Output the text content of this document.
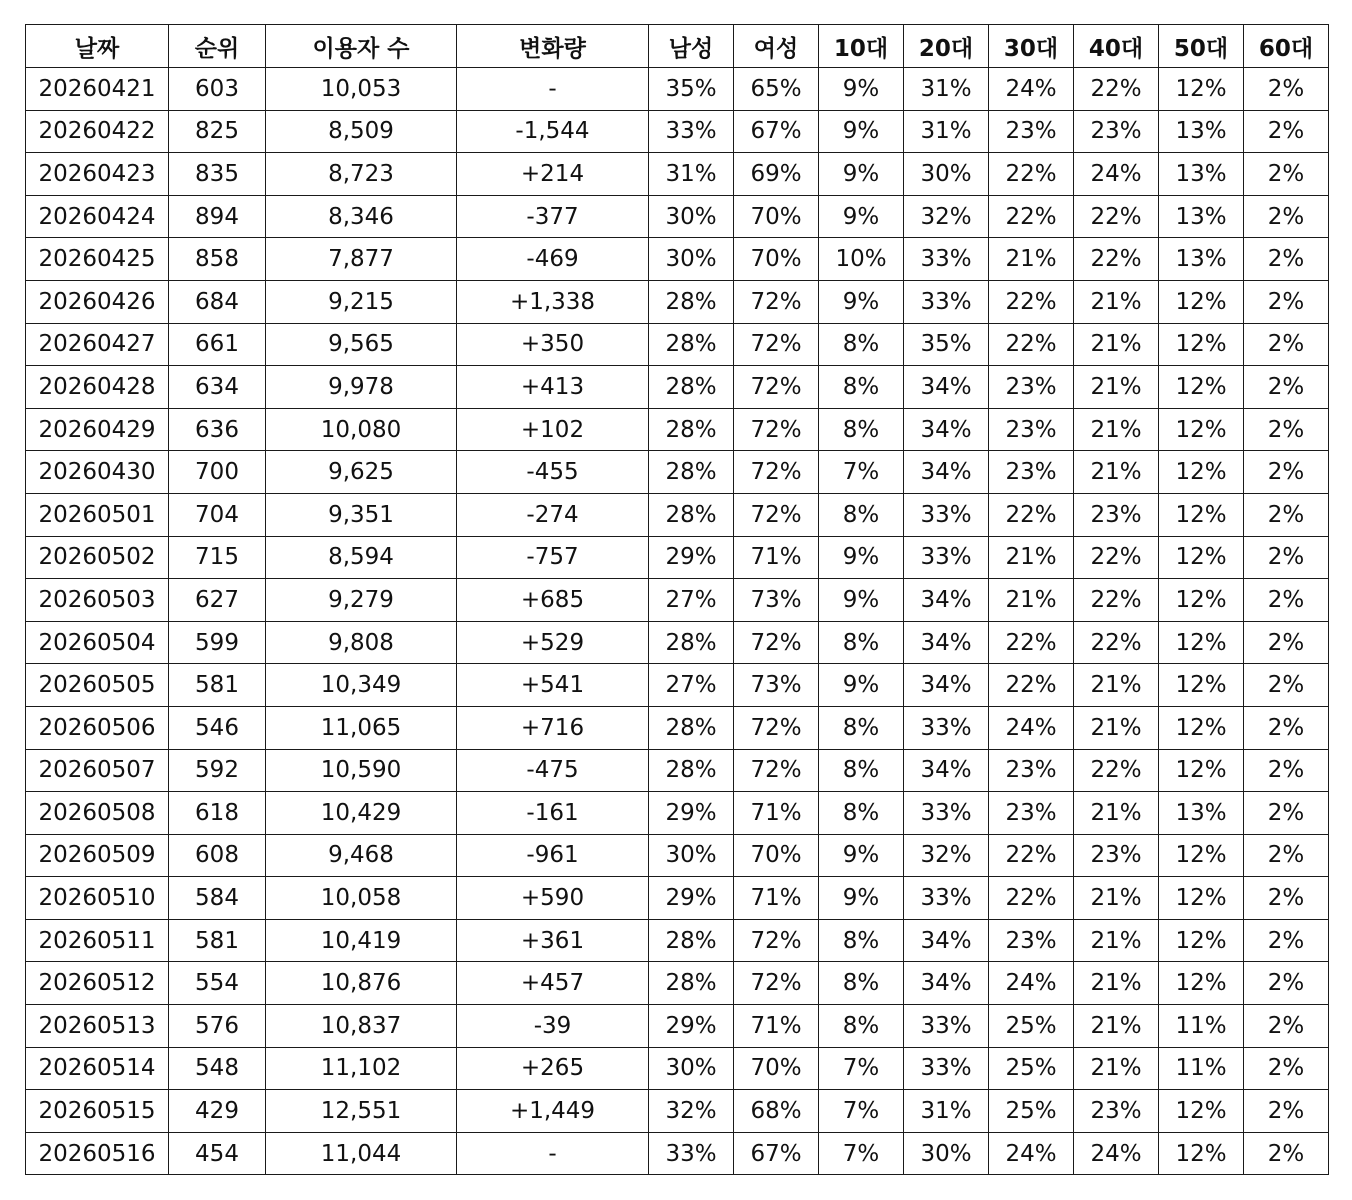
날짜	순위	이용자 수	변화량	남성	여성	10대	20대	30대	40대	50대	60대
20260421	603	10,053	-	35%	65%	9%	31%	24%	22%	12%	2%
20260422	825	8,509	-1,544	33%	67%	9%	31%	23%	23%	13%	2%
20260423	835	8,723	+214	31%	69%	9%	30%	22%	24%	13%	2%
20260424	894	8,346	-377	30%	70%	9%	32%	22%	22%	13%	2%
20260425	858	7,877	-469	30%	70%	10%	33%	21%	22%	13%	2%
20260426	684	9,215	+1,338	28%	72%	9%	33%	22%	21%	12%	2%
20260427	661	9,565	+350	28%	72%	8%	35%	22%	21%	12%	2%
20260428	634	9,978	+413	28%	72%	8%	34%	23%	21%	12%	2%
20260429	636	10,080	+102	28%	72%	8%	34%	23%	21%	12%	2%
20260430	700	9,625	-455	28%	72%	7%	34%	23%	21%	12%	2%
20260501	704	9,351	-274	28%	72%	8%	33%	22%	23%	12%	2%
20260502	715	8,594	-757	29%	71%	9%	33%	21%	22%	12%	2%
20260503	627	9,279	+685	27%	73%	9%	34%	21%	22%	12%	2%
20260504	599	9,808	+529	28%	72%	8%	34%	22%	22%	12%	2%
20260505	581	10,349	+541	27%	73%	9%	34%	22%	21%	12%	2%
20260506	546	11,065	+716	28%	72%	8%	33%	24%	21%	12%	2%
20260507	592	10,590	-475	28%	72%	8%	34%	23%	22%	12%	2%
20260508	618	10,429	-161	29%	71%	8%	33%	23%	21%	13%	2%
20260509	608	9,468	-961	30%	70%	9%	32%	22%	23%	12%	2%
20260510	584	10,058	+590	29%	71%	9%	33%	22%	21%	12%	2%
20260511	581	10,419	+361	28%	72%	8%	34%	23%	21%	12%	2%
20260512	554	10,876	+457	28%	72%	8%	34%	24%	21%	12%	2%
20260513	576	10,837	-39	29%	71%	8%	33%	25%	21%	11%	2%
20260514	548	11,102	+265	30%	70%	7%	33%	25%	21%	11%	2%
20260515	429	12,551	+1,449	32%	68%	7%	31%	25%	23%	12%	2%
20260516	454	11,044	-	33%	67%	7%	30%	24%	24%	12%	2%
